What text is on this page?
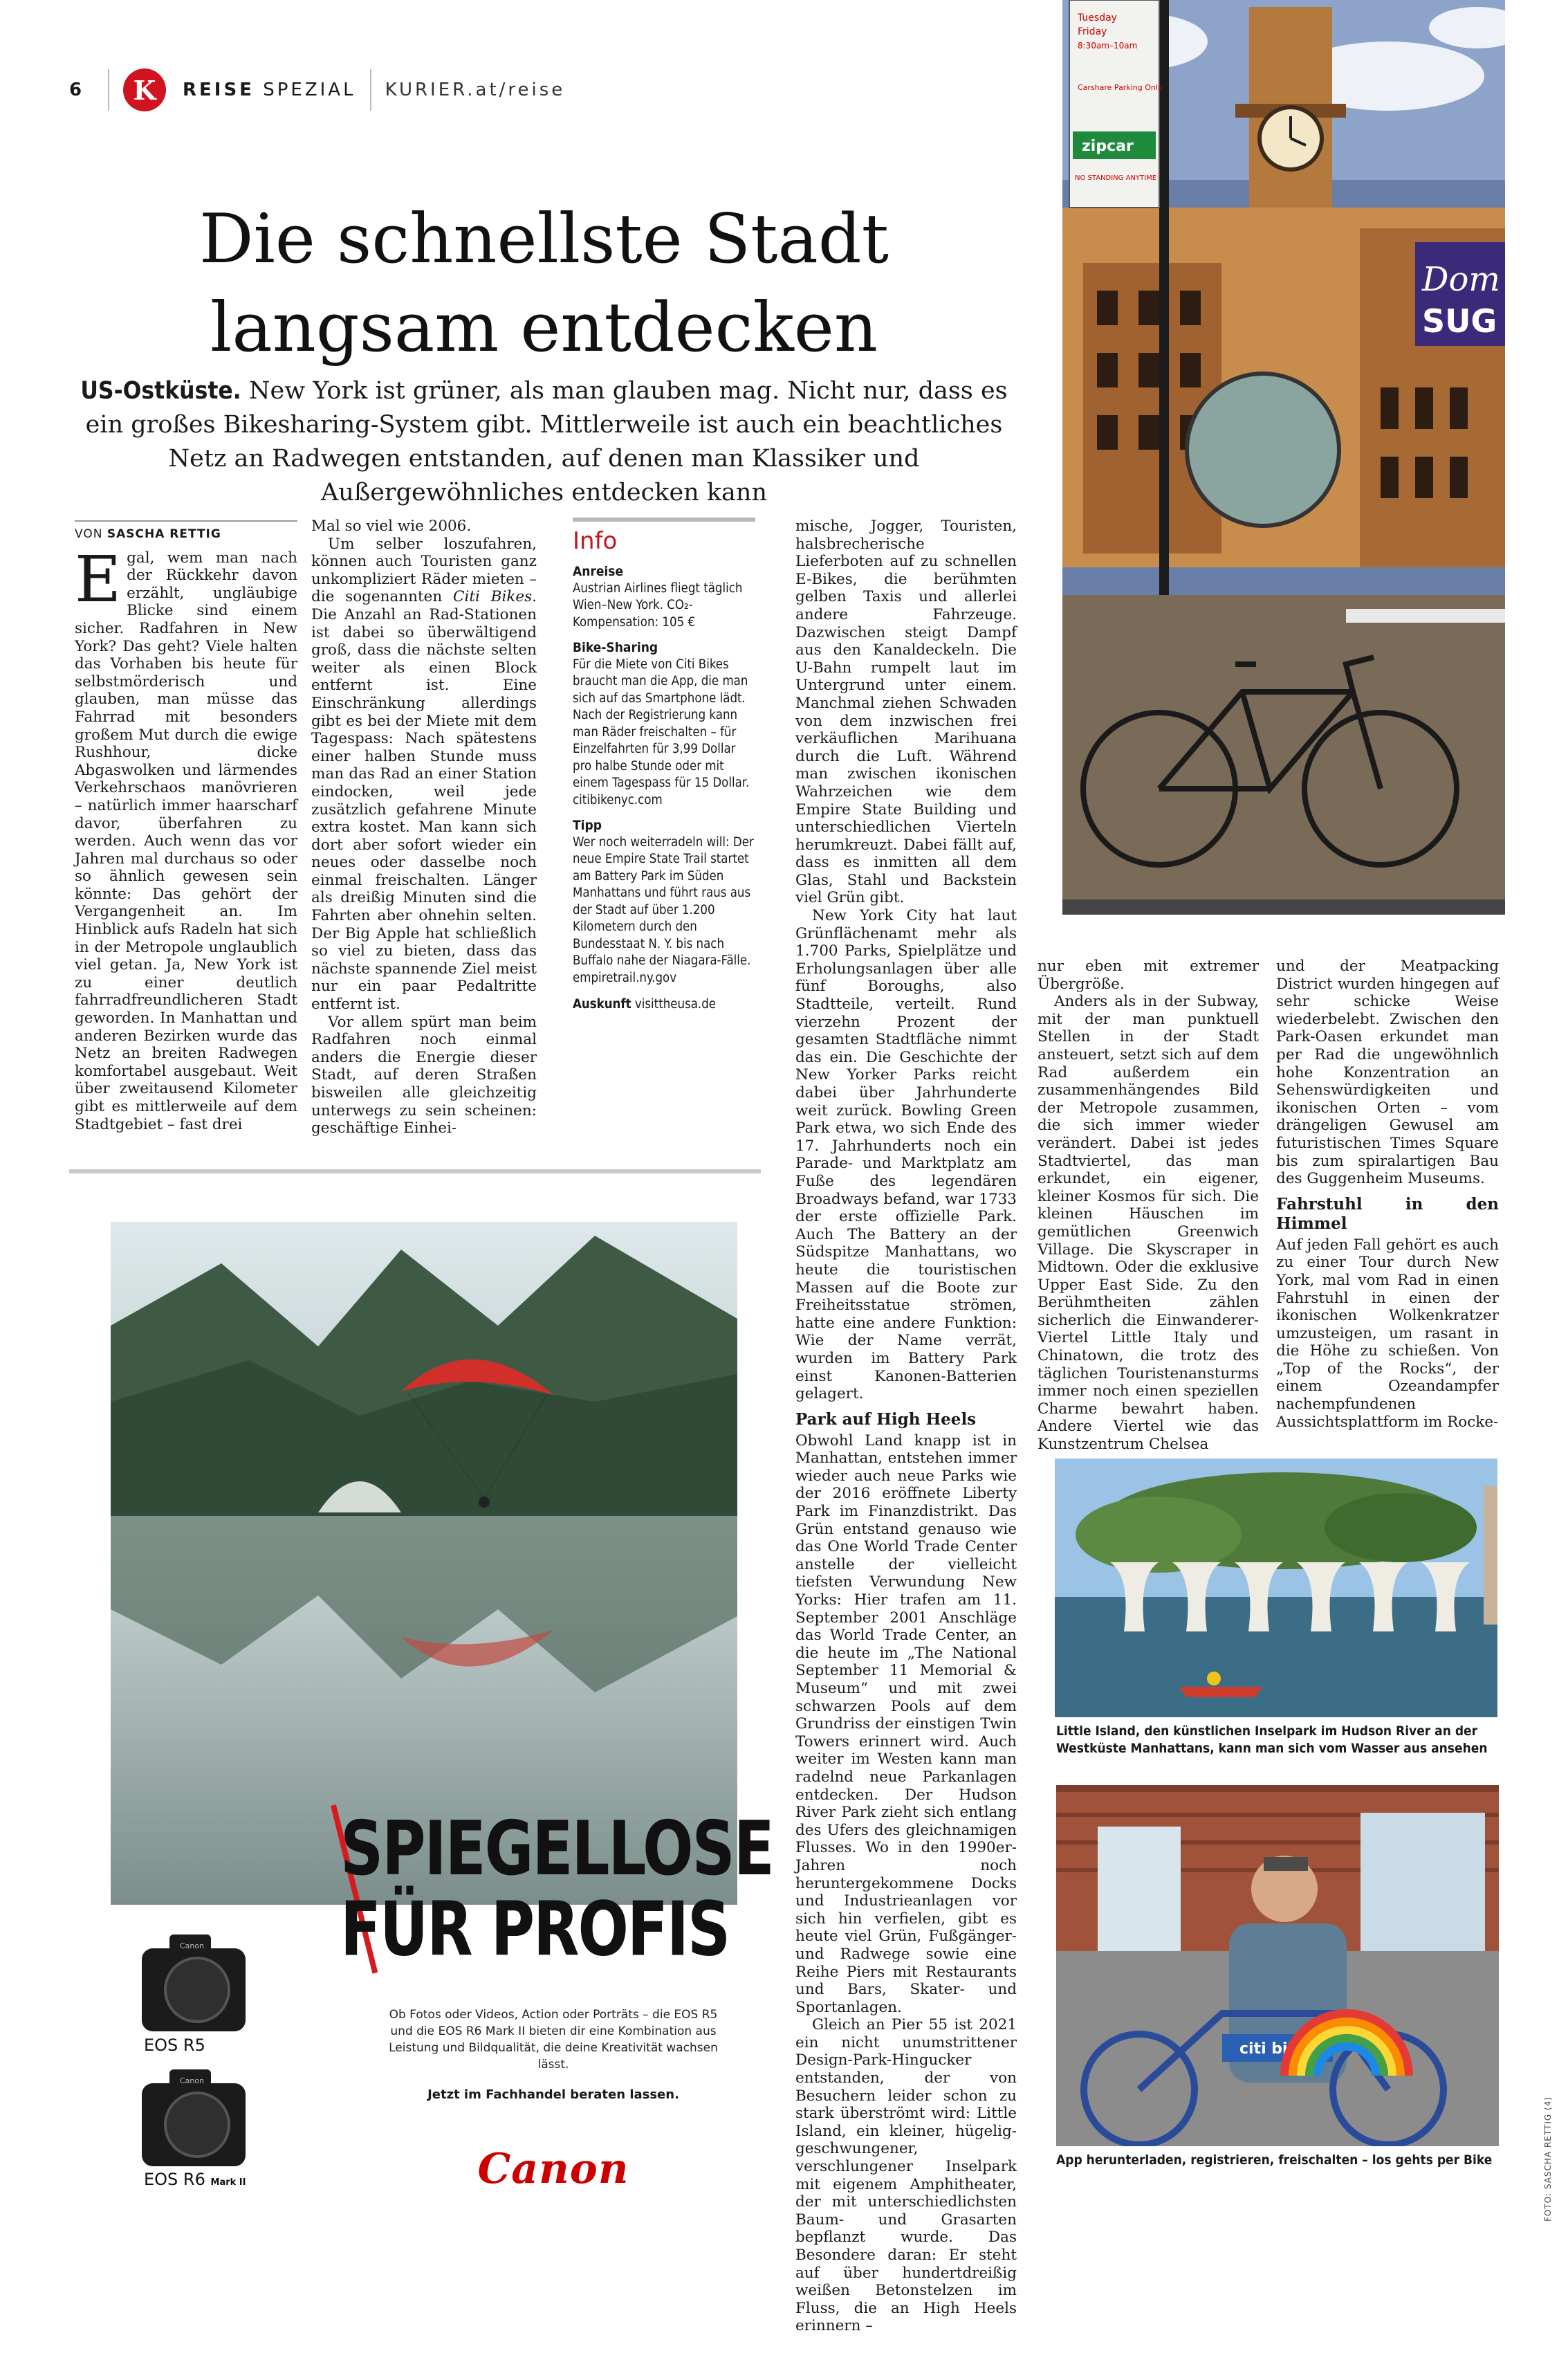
6	K	REISE SPEZIAL KURIER.at/reise
Die schnellste Stadt
langsam entdecken
US-Ostküste. New York ist grüner, als man glauben mag. Nicht nur, dass es ein großes Bikesharing-System gibt. Mittlerweile ist auch ein beachtliches Netz an Radwegen entstanden, auf denen man Klassiker und Außergewöhnliches entdecken kann
VON SASCHA RETTIG

Egal, wem man nach der Rückkehr davon erzählt, ungläubige Blicke sind einem sicher. Radfahren in New York? Das geht? Viele halten das Vorhaben bis heute für selbstmörderisch und glauben, man müsse das Fahrrad mit besonders großem Mut durch die ewige Rushhour, dicke Abgaswolken und lärmendes Verkehrschaos manövrieren – natürlich immer haarscharf davor, überfahren zu werden. Auch wenn das vor Jahren mal durchaus so oder so ähnlich gewesen sein könnte: Das gehört der Vergangenheit an. Im Hinblick aufs Radeln hat sich in der Metropole unglaublich viel getan. Ja, New York ist zu einer deutlich fahrradfreundlicheren Stadt geworden. In Manhattan und anderen Bezirken wurde das Netz an breiten Radwegen komfortabel ausgebaut. Weit über zweitausend Kilometer gibt es mittlerweile auf dem Stadtgebiet – fast drei

Mal so viel wie 2006.

Um selber loszufahren, können auch Touristen ganz unkompliziert Räder mieten – die sogenannten Citi Bikes. Die Anzahl an Rad-Stationen ist dabei so überwältigend groß, dass die nächste selten weiter als einen Block entfernt ist. Eine Einschränkung allerdings gibt es bei der Miete mit dem Tagespass: Nach spätestens einer halben Stunde muss man das Rad an einer Station eindocken, weil jede zusätzlich gefahrene Minute extra kostet. Man kann sich dort aber sofort wieder ein neues oder dasselbe noch einmal freischalten. Länger als dreißig Minuten sind die Fahrten aber ohnehin selten. Der Big Apple hat schließlich so viel zu bieten, dass das nächste spannende Ziel meist nur ein paar Pedaltritte entfernt ist.

Vor allem spürt man beim Radfahren noch einmal anders die Energie dieser Stadt, auf deren Straßen bisweilen alle gleichzeitig unterwegs zu sein scheinen: geschäftige Einhei-

Info
Anreise

Austrian Airlines fliegt täglich Wien–New York. CO₂-Kompensation: 105 €

Bike-Sharing

Für die Miete von Citi Bikes braucht man die App, die man sich auf das Smartphone lädt. Nach der Registrierung kann man Räder freischalten – für Einzelfahrten für 3,99 Dollar pro halbe Stunde oder mit einem Tagespass für 15 Dollar. citibikenyc.com

Tipp

Wer noch weiterradeln will: Der neue Empire State Trail startet am Battery Park im Süden Manhattans und führt raus aus der Stadt auf über 1.200 Kilometern durch den Bundesstaat N. Y. bis nach Buffalo nahe der Niagara-Fälle. empiretrail.ny.gov

Auskunft visittheusa.de

mische, Jogger, Touristen, halsbrecherische Lieferboten auf zu schnellen E-Bikes, die berühmten gelben Taxis und allerlei andere Fahrzeuge. Dazwischen steigt Dampf aus den Kanaldeckeln. Die U-Bahn rumpelt laut im Untergrund unter einem. Manchmal ziehen Schwaden von dem inzwischen frei verkäuflichen Marihuana durch die Luft. Während man zwischen ikonischen Wahrzeichen wie dem Empire State Building und unterschiedlichen Vierteln herumkreuzt. Dabei fällt auf, dass es inmitten all dem Glas, Stahl und Backstein viel Grün gibt.

New York City hat laut Grünflächenamt mehr als 1.700 Parks, Spielplätze und Erholungsanlagen über alle fünf Boroughs, also Stadtteile, verteilt. Rund vierzehn Prozent der gesamten Stadtfläche nimmt das ein. Die Geschichte der New Yorker Parks reicht dabei über Jahrhunderte weit zurück. Bowling Green Park etwa, wo sich Ende des 17. Jahrhunderts noch ein Parade- und Marktplatz am Fuße des legendären Broadways befand, war 1733 der erste offizielle Park. Auch The Battery an der Südspitze Manhattans, wo heute die touristischen Massen auf die Boote zur Freiheitsstatue strömen, hatte eine andere Funktion: Wie der Name verrät, wurden im Battery Park einst Kanonen-Batterien gelagert.

Park auf High Heels

Obwohl Land knapp ist in Manhattan, entstehen immer wieder auch neue Parks wie der 2016 eröffnete Liberty Park im Finanzdistrikt. Das Grün entstand genauso wie das One World Trade Center anstelle der vielleicht tiefsten Verwundung New Yorks: Hier trafen am 11. September 2001 Anschläge das World Trade Center, an die heute im „The National September 11 Memorial & Museum“ und mit zwei schwarzen Pools auf dem Grundriss der einstigen Twin Towers erinnert wird. Auch weiter im Westen kann man radelnd neue Parkanlagen entdecken. Der Hudson River Park zieht sich entlang des Ufers des gleichnamigen Flusses. Wo in den 1990er-Jahren noch heruntergekommene Docks und Industrieanlagen vor sich hin verfielen, gibt es heute viel Grün, Fußgänger- und Radwege sowie eine Reihe Piers mit Restaurants und Bars, Skater- und Sportanlagen.

Gleich an Pier 55 ist 2021 ein nicht unumstrittener Design-Park-Hingucker entstanden, der von Besuchern leider schon zu stark überströmt wird: Little Island, ein kleiner, hügelig-geschwungener, verschlungener Inselpark mit eigenem Amphitheater, der mit unterschiedlichsten Baum- und Grasarten bepflanzt wurde. Das Besondere daran: Er steht auf über hundertdreißig weißen Betonstelzen im Fluss, die an High Heels erinnern –

nur eben mit extremer Übergröße.

Anders als in der Subway, mit der man punktuell Stellen in der Stadt ansteuert, setzt sich auf dem Rad außerdem ein zusammenhängendes Bild der Metropole zusammen, die sich immer wieder verändert. Dabei ist jedes Stadtviertel, das man erkundet, ein eigener, kleiner Kosmos für sich. Die kleinen Häuschen im gemütlichen Greenwich Village. Die Skyscraper in Midtown. Oder die exklusive Upper East Side. Zu den Berühmtheiten zählen sicherlich die Einwanderer-Viertel Little Italy und Chinatown, die trotz des täglichen Touristenansturms immer noch einen speziellen Charme bewahrt haben. Andere Viertel wie das Kunstzentrum Chelsea

und der Meatpacking District wurden hingegen auf sehr schicke Weise wiederbelebt. Zwischen den Park-Oasen erkundet man per Rad die ungewöhnlich hohe Konzentration an Sehenswürdigkeiten und ikonischen Orten – vom drängeligen Gewusel am futuristischen Times Square bis zum spiralartigen Bau des Guggenheim Museums.

Fahrstuhl in den Himmel

Auf jeden Fall gehört es auch zu einer Tour durch New York, mal vom Rad in einen Fahrstuhl in einen der ikonischen Wolkenkratzer umzusteigen, um rasant in die Höhe zu schießen. Von „Top of the Rocks“, der einem Ozeandampfer nachempfundenen Aussichtsplattform im Rocke-

Dom
SUG
Tuesday
Friday
8:30am–10am
Carshare Parking Only
zipcar
NO STANDING ANYTIME
Little Island, den künstlichen Inselpark im Hudson River an der Westküste Manhattans, kann man sich vom Wasser aus ansehen
citi bike
App herunterladen, registrieren, freischalten – los gehts per Bike	FOTO: SASCHA RETTIG (4)
Canon
Canon
EOS R5
EOS R6 Mark II
SPIEGELLOSE
FÜR PROFIS
Ob Fotos oder Videos, Action oder Porträts – die EOS R5 und die EOS R6 Mark II bieten dir eine Kombination aus Leistung und Bildqualität, die deine Kreativität wachsen lässt.
Jetzt im Fachhandel beraten lassen.
Canon
